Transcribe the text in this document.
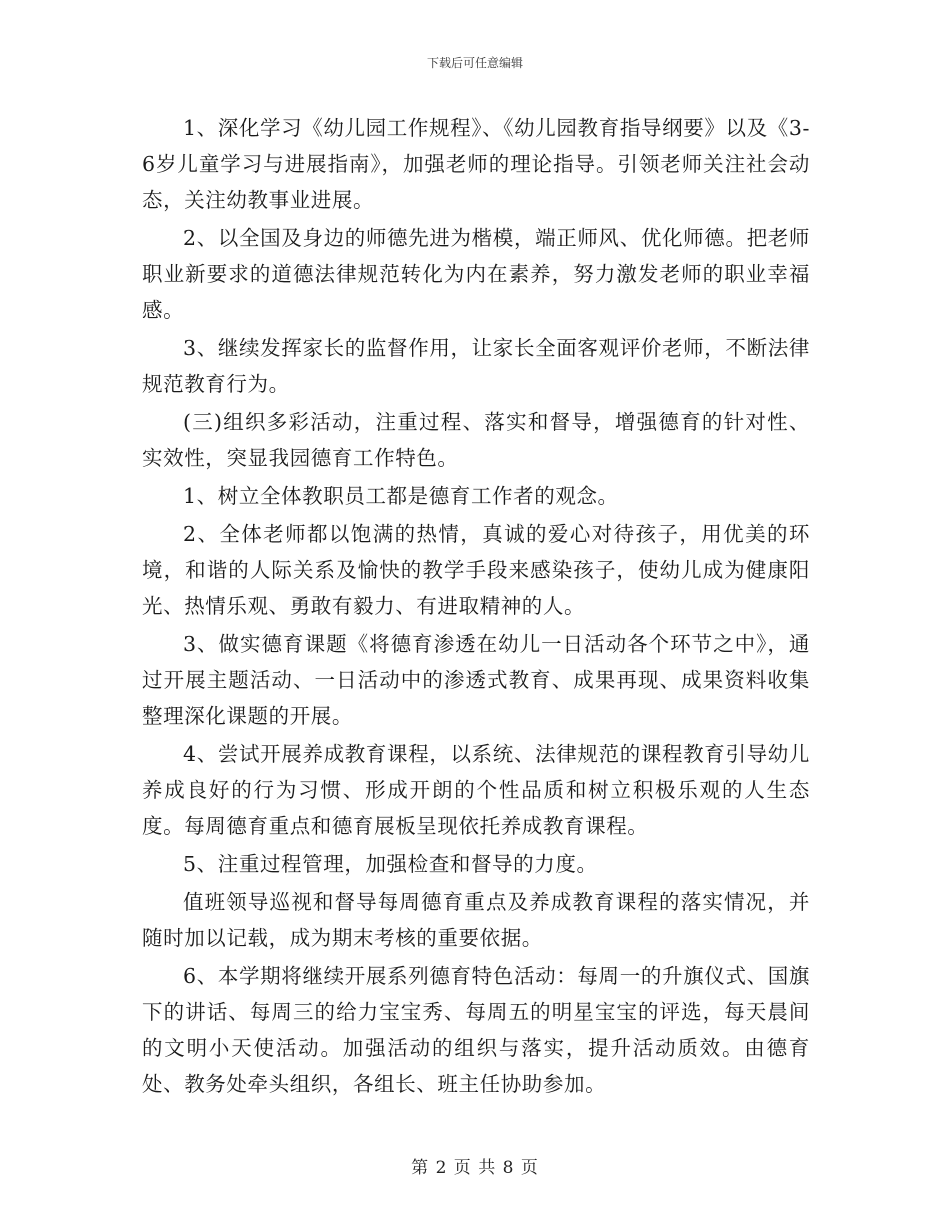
下载后可任意编辑

1、深化学习《幼儿园工作规程》、《幼儿园教育指导纲要》以及《3-6岁儿童学习与进展指南》，加强老师的理论指导。引领老师关注社会动态，关注幼教事业进展。

2、以全国及身边的师德先进为楷模，端正师风、优化师德。把老师职业新要求的道德法律规范转化为内在素养，努力激发老师的职业幸福感。

3、继续发挥家长的监督作用，让家长全面客观评价老师，不断法律规范教育行为。

(三)组织多彩活动，注重过程、落实和督导，增强德育的针对性、实效性，突显我园德育工作特色。

1、树立全体教职员工都是德育工作者的观念。

2、全体老师都以饱满的热情，真诚的爱心对待孩子，用优美的环境，和谐的人际关系及愉快的教学手段来感染孩子，使幼儿成为健康阳光、热情乐观、勇敢有毅力、有进取精神的人。

3、做实德育课题《将德育渗透在幼儿一日活动各个环节之中》，通过开展主题活动、一日活动中的渗透式教育、成果再现、成果资料收集整理深化课题的开展。

4、尝试开展养成教育课程，以系统、法律规范的课程教育引导幼儿养成良好的行为习惯、形成开朗的个性品质和树立积极乐观的人生态度。每周德育重点和德育展板呈现依托养成教育课程。

5、注重过程管理，加强检查和督导的力度。

值班领导巡视和督导每周德育重点及养成教育课程的落实情况，并随时加以记载，成为期末考核的重要依据。

6、本学期将继续开展系列德育特色活动：每周一的升旗仪式、国旗下的讲话、每周三的给力宝宝秀、每周五的明星宝宝的评选，每天晨间的文明小天使活动。加强活动的组织与落实，提升活动质效。由德育处、教务处牵头组织，各组长、班主任协助参加。

第 2 页 共 8 页
